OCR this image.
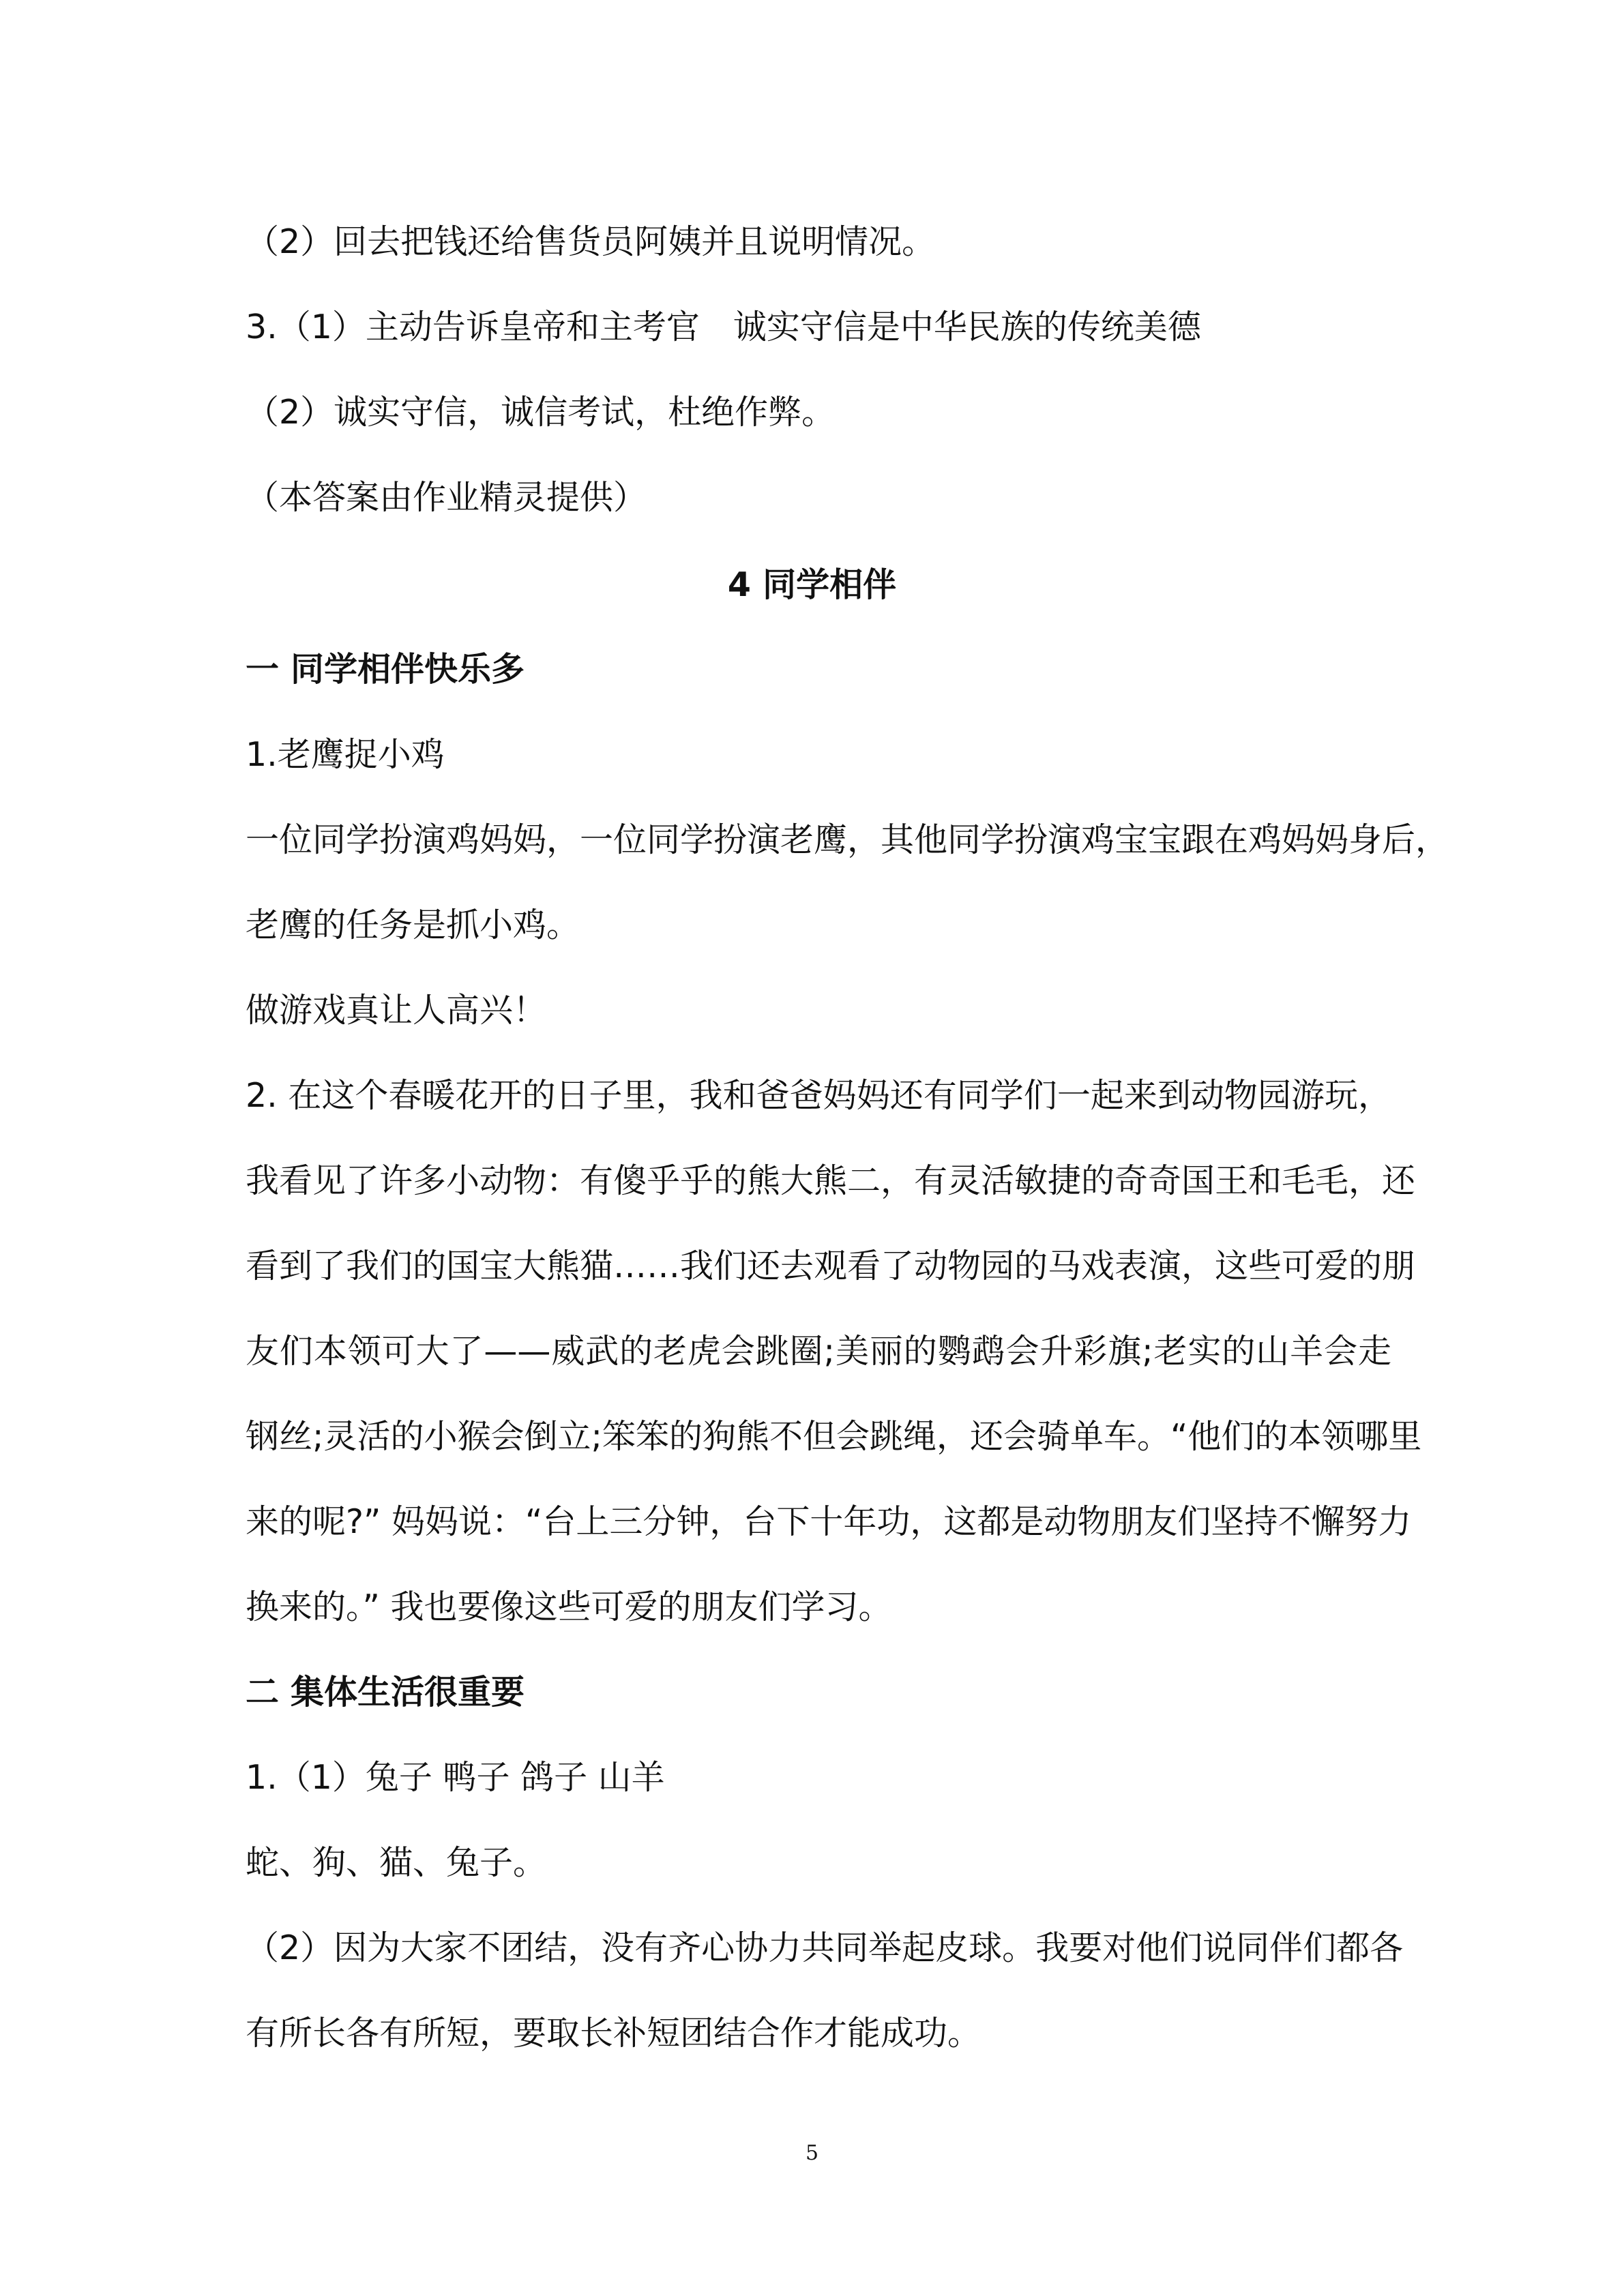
（2）回去把钱还给售货员阿姨并且说明情况。
3.（1）主动告诉皇帝和主考官　诚实守信是中华民族的传统美德
（2）诚实守信，诚信考试，杜绝作弊。
（本答案由作业精灵提供）
4 同学相伴
一 同学相伴快乐多
1.老鹰捉小鸡
一位同学扮演鸡妈妈，一位同学扮演老鹰，其他同学扮演鸡宝宝跟在鸡妈妈身后，
老鹰的任务是抓小鸡。
做游戏真让人高兴！
2. 在这个春暖花开的日子里，我和爸爸妈妈还有同学们一起来到动物园游玩，
我看见了许多小动物：有傻乎乎的熊大熊二，有灵活敏捷的奇奇国王和毛毛，还
看到了我们的国宝大熊猫……我们还去观看了动物园的马戏表演，这些可爱的朋
友们本领可大了——威武的老虎会跳圈;美丽的鹦鹉会升彩旗;老实的山羊会走
钢丝;灵活的小猴会倒立;笨笨的狗熊不但会跳绳，还会骑单车。“他们的本领哪里
来的呢?” 妈妈说：“台上三分钟，台下十年功，这都是动物朋友们坚持不懈努力
换来的。” 我也要像这些可爱的朋友们学习。
二 集体生活很重要
1.（1）兔子 鸭子 鸽子 山羊
蛇、狗、猫、兔子。
（2）因为大家不团结，没有齐心协力共同举起皮球。我要对他们说同伴们都各
有所长各有所短，要取长补短团结合作才能成功。
5
